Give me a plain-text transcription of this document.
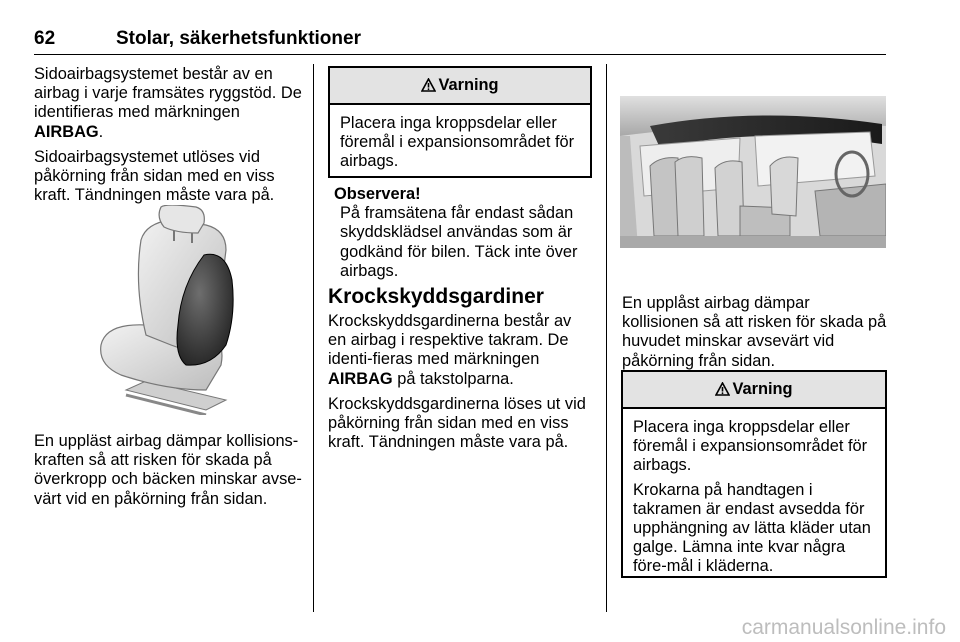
62	Stolar, säkerhetsfunktioner

Sidoairbagsystemet består av en airbag i varje framsätes ryggstöd. De identifieras med märkningen
AIRBAG.

Sidoairbagsystemet utlöses vid påkörning från sidan med en viss kraft. Tändningen måste vara på.

En uppläst airbag dämpar kollisions-kraften så att risken för skada på överkropp och bäcken minskar avse-värt vid en påkörning från sidan.

Varning

Placera inga kroppsdelar eller föremål i expansionsområdet för airbags.

Observera!

På framsätena får endast sådan skyddsklädsel användas som är godkänd för bilen. Täck inte över airbags.

Krockskyddsgardiner

Krockskyddsgardinerna består av en airbag i respektive takram. De identi-fieras med märkningen AIRBAG på takstolparna.

Krockskyddsgardinerna löses ut vid påkörning från sidan med en viss kraft. Tändningen måste vara på.

En upplåst airbag dämpar kollisionen så att risken för skada på huvudet minskar avsevärt vid påkörning från sidan.

Varning

Placera inga kroppsdelar eller föremål i expansionsområdet för airbags.

Krokarna på handtagen i takramen är endast avsedda för upphängning av lätta kläder utan galge. Lämna inte kvar några före-mål i kläderna.

carmanualsonline.info
